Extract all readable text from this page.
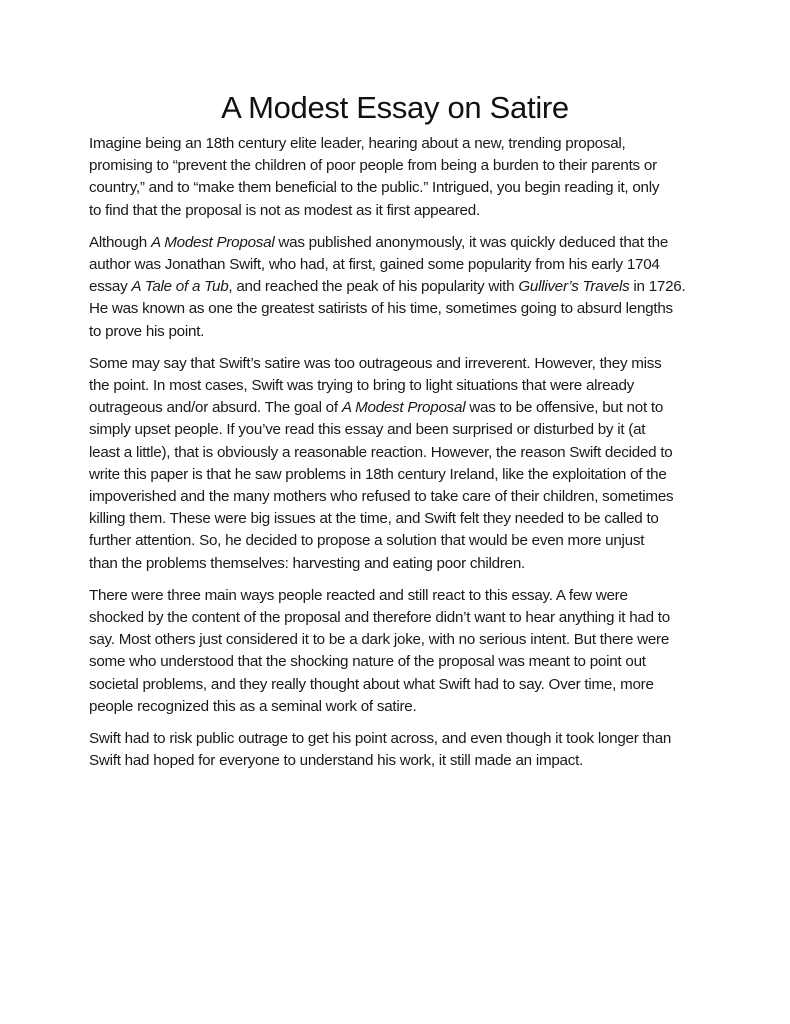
A Modest Essay on Satire

Imagine being an 18th century elite leader, hearing about a new, trending proposal,
promising to “prevent the children of poor people from being a burden to their parents or
country,” and to “make them beneficial to the public.” Intrigued, you begin reading it, only
to find that the proposal is not as modest as it first appeared.

Although A Modest Proposal was published anonymously, it was quickly deduced that the
author was Jonathan Swift, who had, at first, gained some popularity from his early 1704
essay A Tale of a Tub, and reached the peak of his popularity with Gulliver’s Travels in 1726.
He was known as one the greatest satirists of his time, sometimes going to absurd lengths
to prove his point.

Some may say that Swift’s satire was too outrageous and irreverent. However, they miss
the point. In most cases, Swift was trying to bring to light situations that were already
outrageous and/or absurd. The goal of A Modest Proposal was to be offensive, but not to
simply upset people. If you’ve read this essay and been surprised or disturbed by it (at
least a little), that is obviously a reasonable reaction. However, the reason Swift decided to
write this paper is that he saw problems in 18th century Ireland, like the exploitation of the
impoverished and the many mothers who refused to take care of their children, sometimes
killing them. These were big issues at the time, and Swift felt they needed to be called to
further attention. So, he decided to propose a solution that would be even more unjust
than the problems themselves: harvesting and eating poor children.

There were three main ways people reacted and still react to this essay. A few were
shocked by the content of the proposal and therefore didn’t want to hear anything it had to
say. Most others just considered it to be a dark joke, with no serious intent. But there were
some who understood that the shocking nature of the proposal was meant to point out
societal problems, and they really thought about what Swift had to say. Over time, more
people recognized this as a seminal work of satire.

Swift had to risk public outrage to get his point across, and even though it took longer than
Swift had hoped for everyone to understand his work, it still made an impact.
